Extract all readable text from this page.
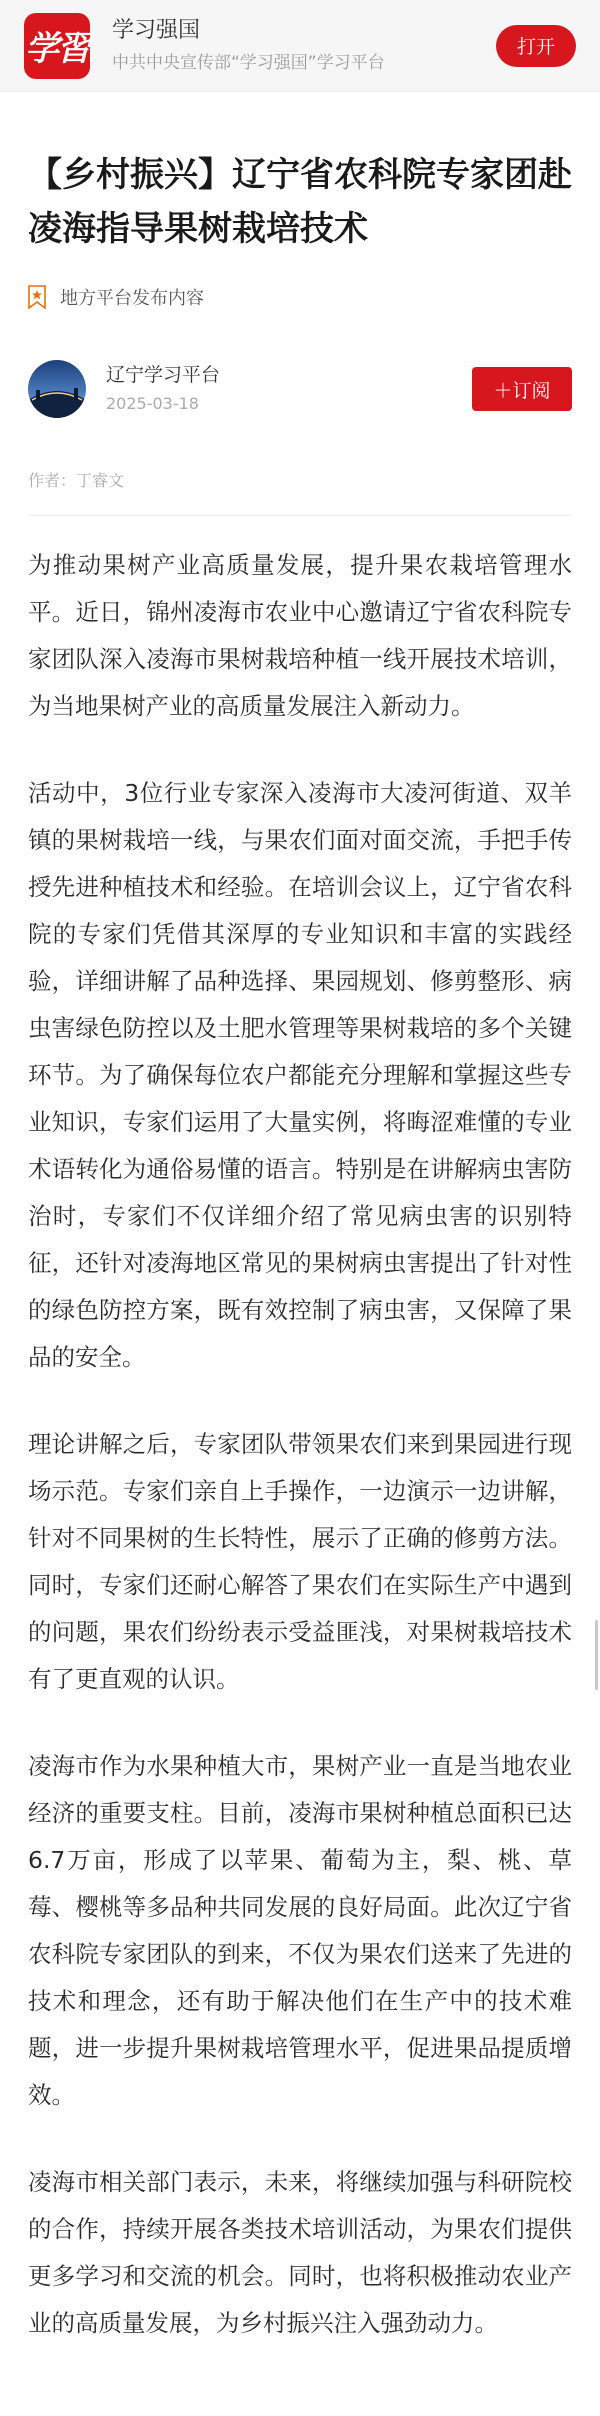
学習 学习强国
中共中央宣传部“学习强国”学习平台
打开
【乡村振兴】辽宁省农科院专家团赴凌海指导果树栽培技术
地方平台发布内容
辽宁学习平台
2025-03-18
＋订阅
作者：丁睿文

为推动果树产业高质量发展，提升果农栽培管理水平。近日，锦州凌海市农业中心邀请辽宁省农科院专家团队深入凌海市果树栽培种植一线开展技术培训，为当地果树产业的高质量发展注入新动力。

活动中，3位行业专家深入凌海市大凌河街道、双羊镇的果树栽培一线，与果农们面对面交流，手把手传授先进种植技术和经验。在培训会议上，辽宁省农科院的专家们凭借其深厚的专业知识和丰富的实践经验，详细讲解了品种选择、果园规划、修剪整形、病虫害绿色防控以及土肥水管理等果树栽培的多个关键环节。为了确保每位农户都能充分理解和掌握这些专业知识，专家们运用了大量实例，将晦涩难懂的专业术语转化为通俗易懂的语言。特别是在讲解病虫害防治时，专家们不仅详细介绍了常见病虫害的识别特征，还针对凌海地区常见的果树病虫害提出了针对性的绿色防控方案，既有效控制了病虫害，又保障了果品的安全。

理论讲解之后，专家团队带领果农们来到果园进行现场示范。专家们亲自上手操作，一边演示一边讲解，针对不同果树的生长特性，展示了正确的修剪方法。同时，专家们还耐心解答了果农们在实际生产中遇到的问题，果农们纷纷表示受益匪浅，对果树栽培技术有了更直观的认识。

凌海市作为水果种植大市，果树产业一直是当地农业经济的重要支柱。目前，凌海市果树种植总面积已达6.7万亩，形成了以苹果、葡萄为主，梨、桃、草莓、樱桃等多品种共同发展的良好局面。此次辽宁省农科院专家团队的到来，不仅为果农们送来了先进的技术和理念，还有助于解决他们在生产中的技术难题，进一步提升果树栽培管理水平，促进果品提质增效。

凌海市相关部门表示，未来，将继续加强与科研院校的合作，持续开展各类技术培训活动，为果农们提供更多学习和交流的机会。同时，也将积极推动农业产业的高质量发展，为乡村振兴注入强劲动力。
